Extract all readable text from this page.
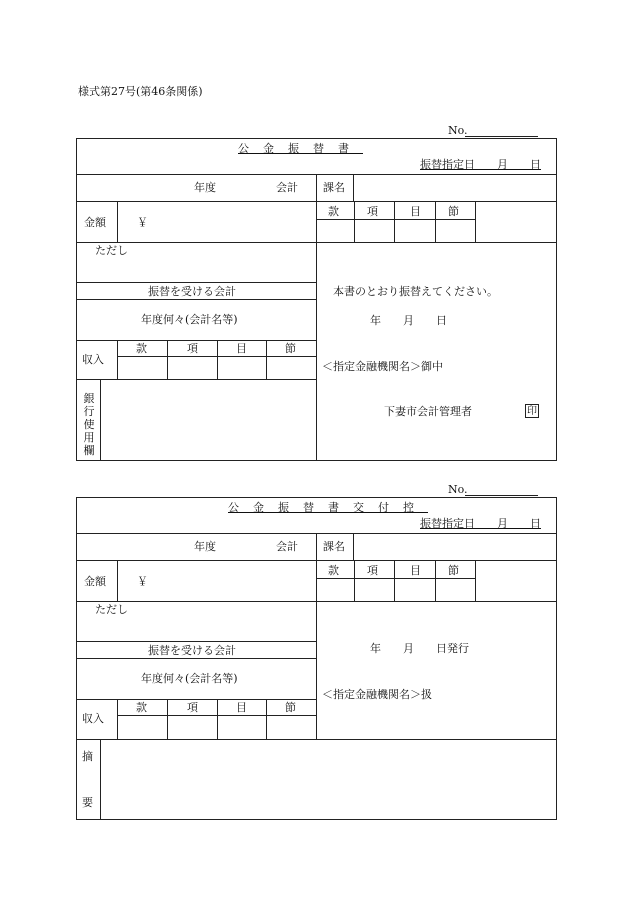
様式第27号(第46条関係)
No.
公金振替書
振替指定日　　月　　日
年度	会計 課名
金額	￥
款	項	目 節
ただし
振替を受ける会計
年度何々(会計名等)
収入
款	項	目	節
銀行使用欄
本書のとおり振替えてください。
年　　月　　日
＜指定金融機関名＞御中
下妻市会計管理者	印
No.
公金振替書交付控
振替指定日　　月　　日
年度	会計 課名
金額	￥
款	項	目 節
ただし
振替を受ける会計
年度何々(会計名等)
収入
款	項	目	節
年　　月　　日発行
＜指定金融機関名＞扱
摘
要
